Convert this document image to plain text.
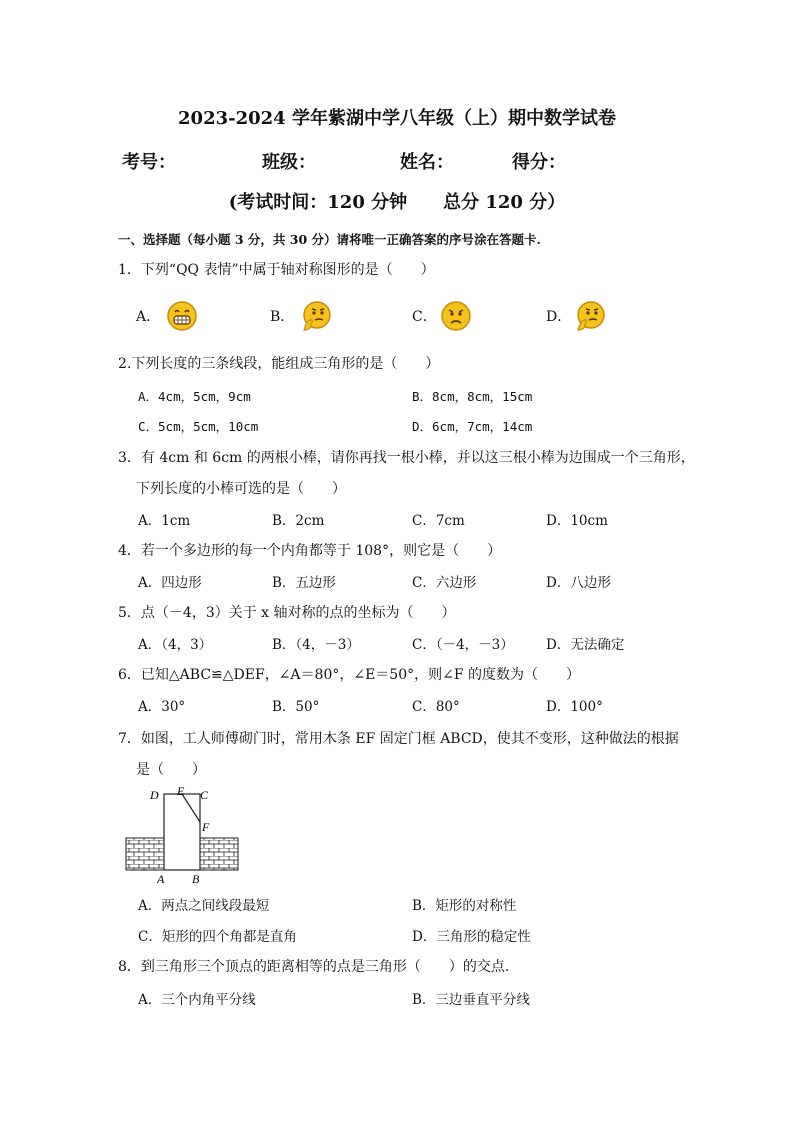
2023-2024 学年紫湖中学八年级（上）期中数学试卷
考号：	班级：	姓名：	得分：
(考试时间：120 分钟　　总分 120 分）
一、选择题（每小题 3 分，共 30 分）请将唯一正确答案的序号涂在答题卡.
1．下列“QQ 表情”中属于轴对称图形的是（　　）
A．	B．	C．	D．
2.下列长度的三条线段，能组成三角形的是（　　）
A．4cm，5cm，9cm	B．8cm，8cm，15cm
C．5cm，5cm，10cm	D．6cm，7cm，14cm
3．有 4cm 和 6cm 的两根小棒，请你再找一根小棒，并以这三根小棒为边围成一个三角形，
下列长度的小棒可选的是（　　）
A．1cm	B．2cm	C．7cm	D．10cm
4．若一个多边形的每一个内角都等于 108°，则它是（　　）
A．四边形	B．五边形	C．六边形	D．八边形
5．点（－4，3）关于 x 轴对称的点的坐标为（　　）
A．（4，3）	B．（4，－3）	C．（－4，－3） D．无法确定
6．已知△ABC≌△DEF，∠A＝80°，∠E＝50°，则∠F 的度数为（　　）
A．30°	B．50°	C．80°	D．100°
7．如图，工人师傅砌门时，常用木条 EF 固定门框 ABCD，使其不变形，这种做法的根据
是（　　）
D E C
F
A B
A．两点之间线段最短	B．矩形的对称性
C．矩形的四个角都是直角	D．三角形的稳定性
8．到三角形三个顶点的距离相等的点是三角形（　　）的交点．
A．三个内角平分线	B．三边垂直平分线
